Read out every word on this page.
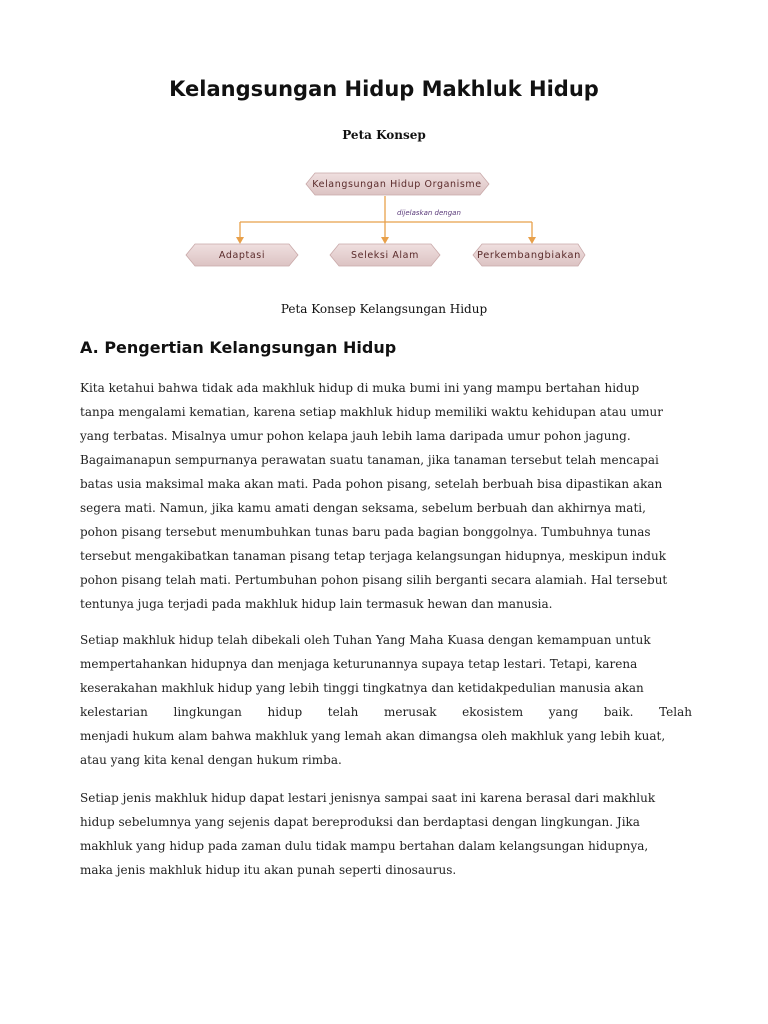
Kelangsungan Hidup Makhluk Hidup
Peta Konsep
dijelaskan dengan
Kelangsungan Hidup Organisme
Adaptasi	Seleksi Alam	Perkembangbiakan
Peta Konsep Kelangsungan Hidup
A. Pengertian Kelangsungan Hidup
Kita ketahui bahwa tidak ada makhluk hidup di muka bumi ini yang mampu bertahan hidup
tanpa mengalami kematian, karena setiap makhluk hidup memiliki waktu kehidupan atau umur
yang terbatas. Misalnya umur pohon kelapa jauh lebih lama daripada umur pohon jagung.
Bagaimanapun sempurnanya perawatan suatu tanaman, jika tanaman tersebut telah mencapai
batas usia maksimal maka akan mati. Pada pohon pisang, setelah berbuah bisa dipastikan akan
segera mati. Namun, jika kamu amati dengan seksama, sebelum berbuah dan akhirnya mati,
pohon pisang tersebut menumbuhkan tunas baru pada bagian bonggolnya. Tumbuhnya tunas
tersebut mengakibatkan tanaman pisang tetap terjaga kelangsungan hidupnya, meskipun induk
pohon pisang telah mati. Pertumbuhan pohon pisang silih berganti secara alamiah. Hal tersebut
tentunya juga terjadi pada makhluk hidup lain termasuk hewan dan manusia.
Setiap makhluk hidup telah dibekali oleh Tuhan Yang Maha Kuasa dengan kemampuan untuk
mempertahankan hidupnya dan menjaga keturunannya supaya tetap lestari. Tetapi, karena
keserakahan makhluk hidup yang lebih tinggi tingkatnya dan ketidakpedulian manusia akan
kelestarian lingkungan hidup telah merusak ekosistem yang baik. Telah
menjadi hukum alam bahwa makhluk yang lemah akan dimangsa oleh makhluk yang lebih kuat,
atau yang kita kenal dengan hukum rimba.
Setiap jenis makhluk hidup dapat lestari jenisnya sampai saat ini karena berasal dari makhluk
hidup sebelumnya yang sejenis dapat bereproduksi dan berdaptasi dengan lingkungan. Jika
makhluk yang hidup pada zaman dulu tidak mampu bertahan dalam kelangsungan hidupnya,
maka jenis makhluk hidup itu akan punah seperti dinosaurus.
